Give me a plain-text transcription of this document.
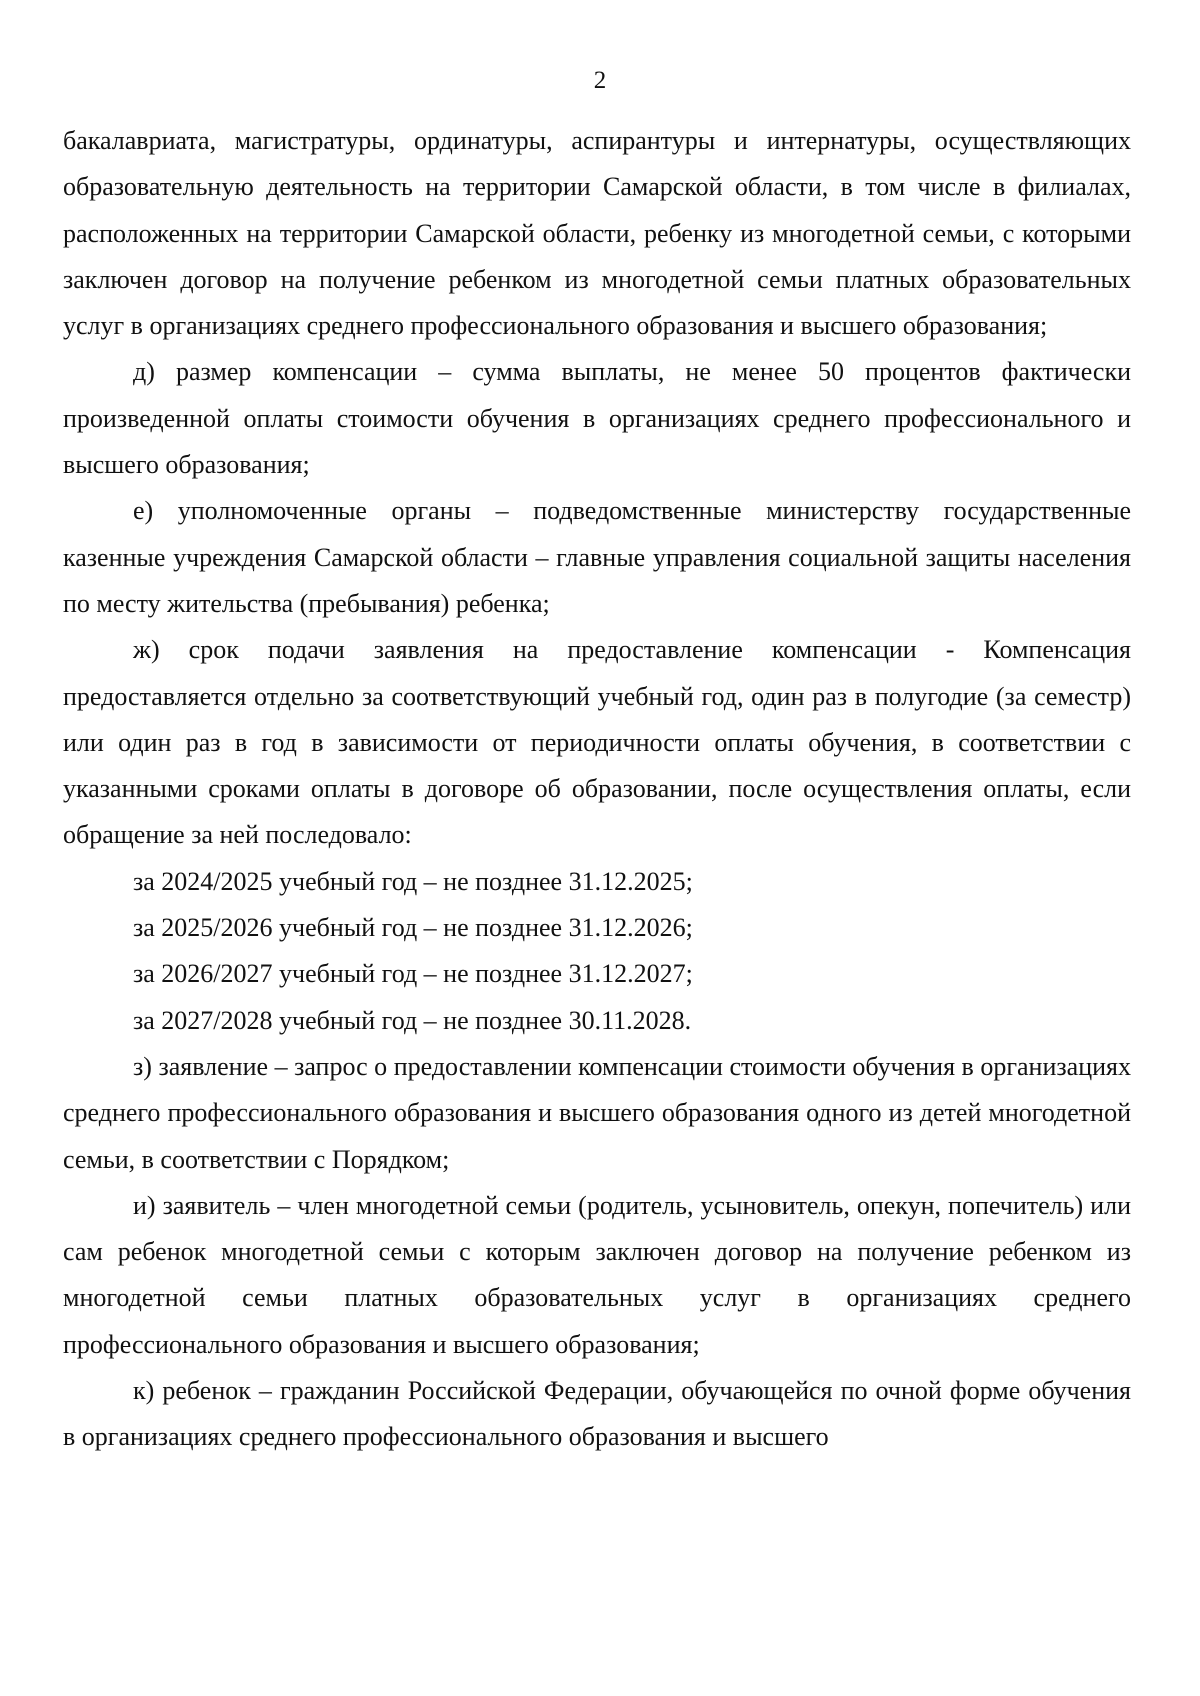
2

бакалавриата, магистратуры, ординатуры, аспирантуры и интернатуры, осуществляющих образовательную деятельность на территории Самарской области, в том числе в филиалах, расположенных на территории Самарской области, ребенку из многодетной семьи, с которыми заключен договор на получение ребенком из многодетной семьи платных образовательных услуг в организациях среднего профессионального образования и высшего образования;

д) размер компенсации – сумма выплаты, не менее 50 процентов фактически произведенной оплаты стоимости обучения в организациях среднего профессионального и высшего образования;

е) уполномоченные органы – подведомственные министерству государственные казенные учреждения Самарской области – главные управления социальной защиты населения по месту жительства (пребывания) ребенка;

ж) срок подачи заявления на предоставление компенсации - Компенсация предоставляется отдельно за соответствующий учебный год, один раз в полугодие (за семестр) или один раз в год в зависимости от периодичности оплаты обучения, в соответствии с указанными сроками оплаты в договоре об образовании, после осуществления оплаты, если обращение за ней последовало:

за 2024/2025 учебный год – не позднее 31.12.2025;

за 2025/2026 учебный год – не позднее 31.12.2026;

за 2026/2027 учебный год – не позднее 31.12.2027;

за 2027/2028 учебный год – не позднее 30.11.2028.

з) заявление – запрос о предоставлении компенсации стоимости обучения в организациях среднего профессионального образования и высшего образования одного из детей многодетной семьи, в соответствии с Порядком;

и) заявитель – член многодетной семьи (родитель, усыновитель, опекун, попечитель) или сам ребенок многодетной семьи с которым заключен договор на получение ребенком из многодетной семьи платных образовательных услуг в организациях среднего профессионального образования и высшего образования;

к) ребенок – гражданин Российской Федерации, обучающейся по очной форме обучения в организациях среднего профессионального образования и высшего
